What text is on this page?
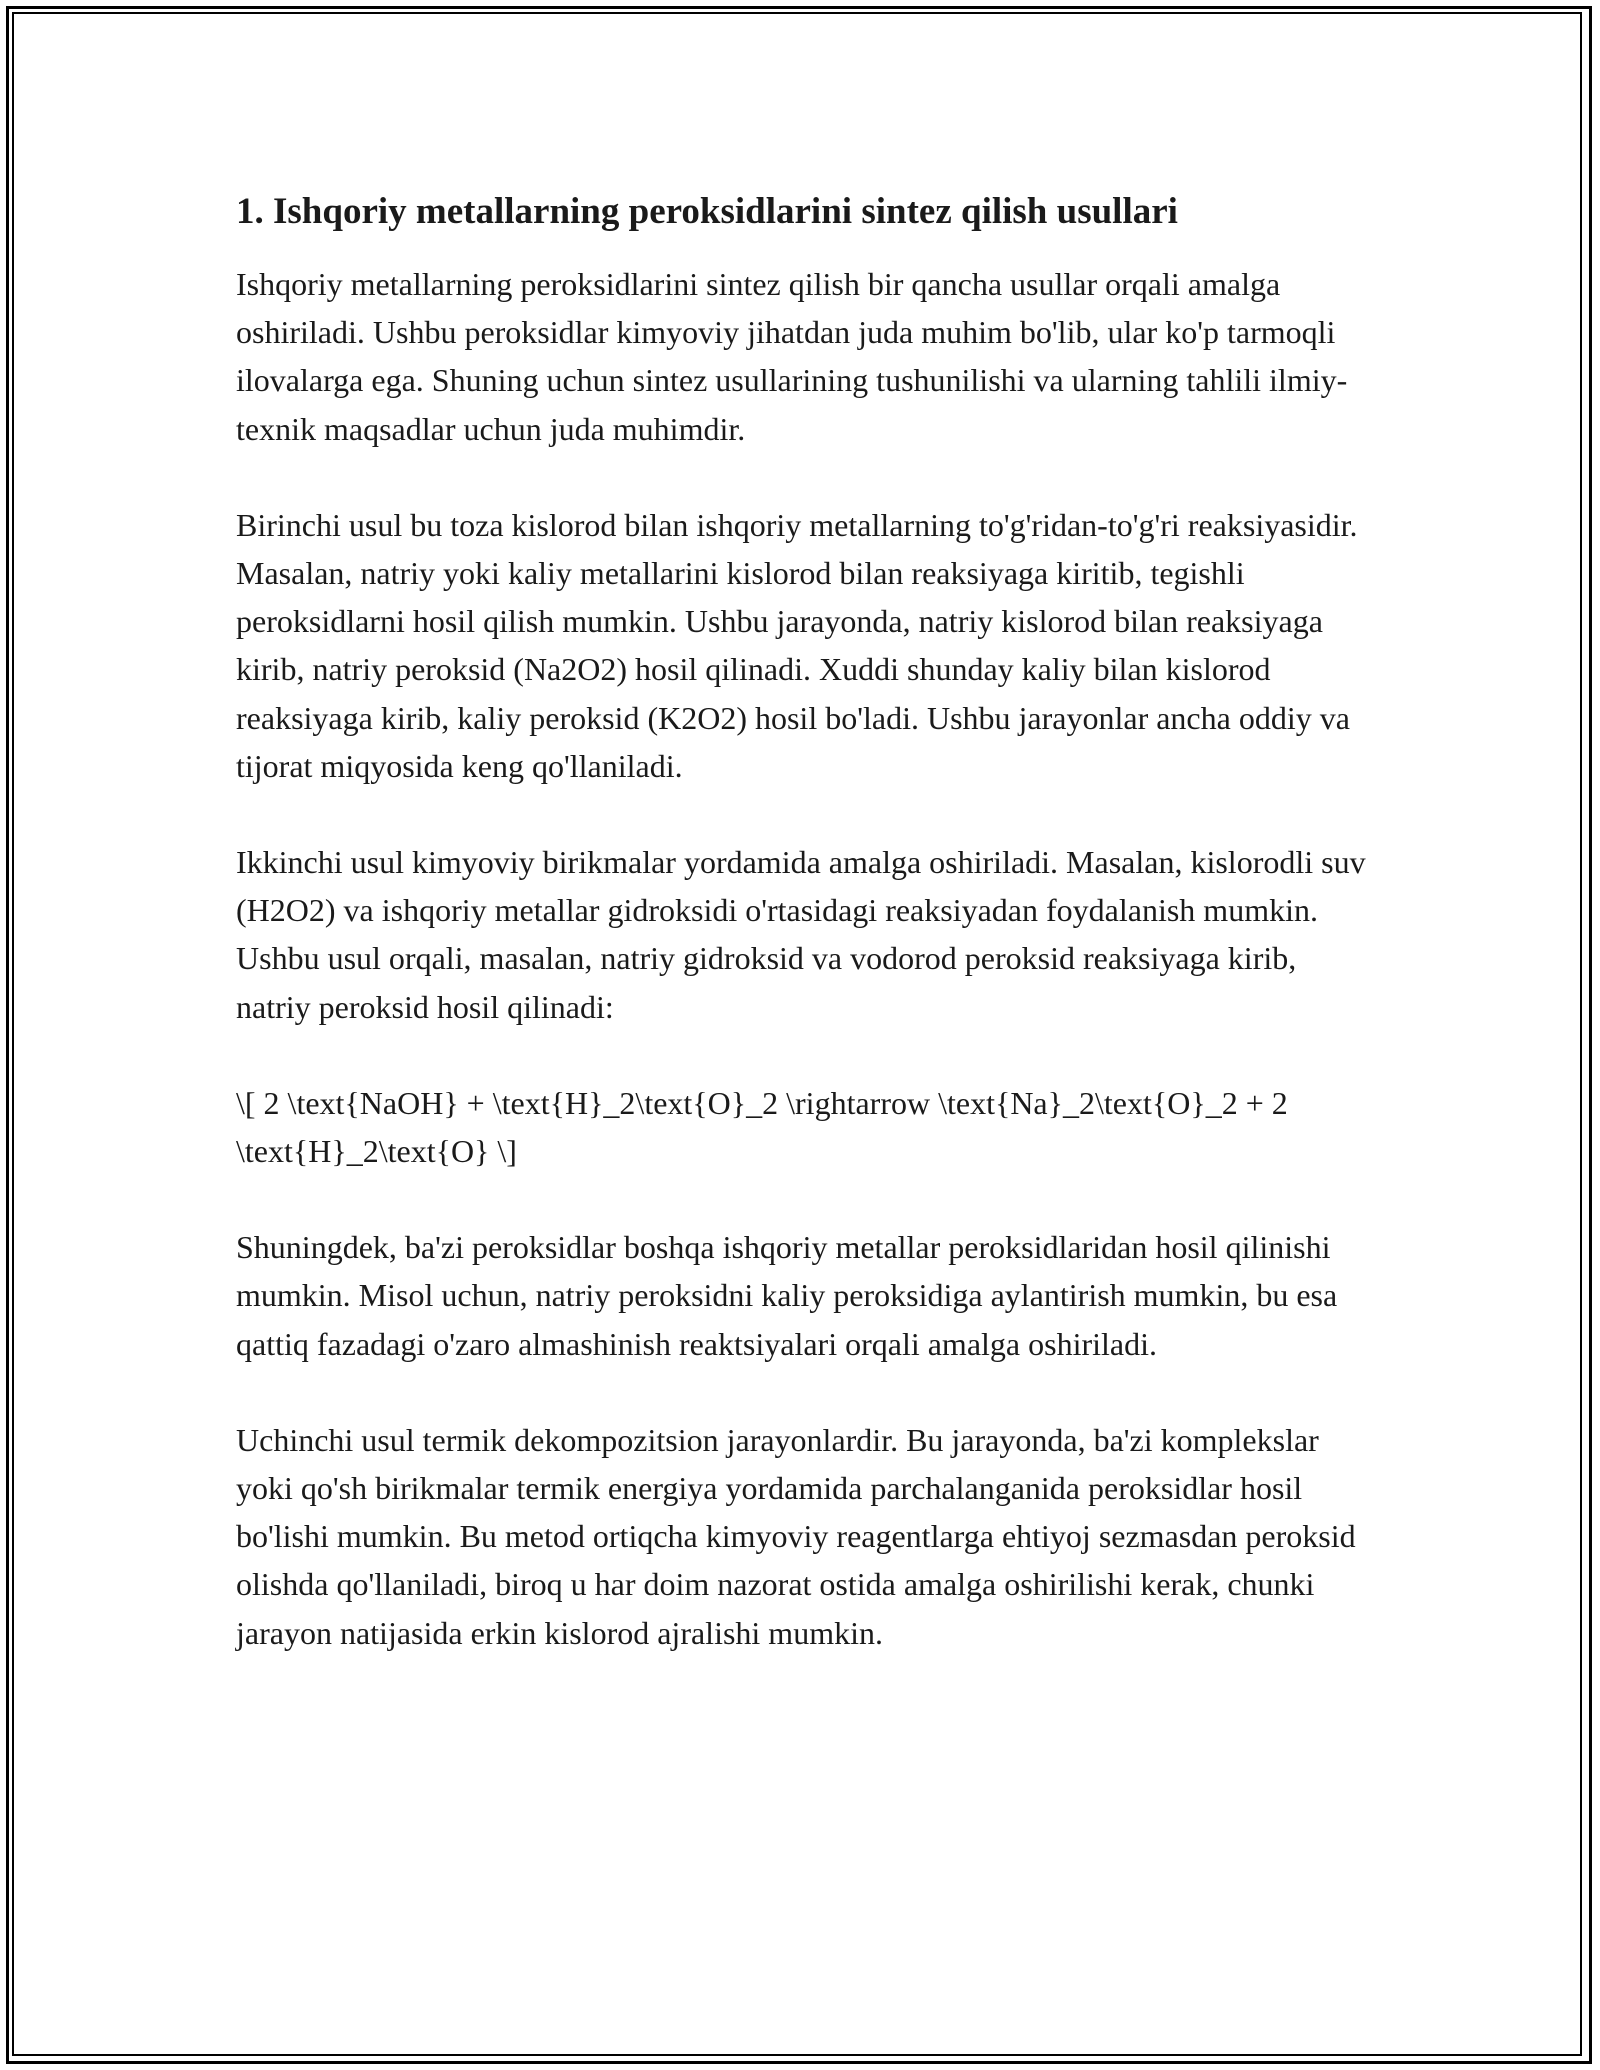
1. Ishqoriy metallarning peroksidlarini sintez qilish usullari

Ishqoriy metallarning peroksidlarini sintez qilish bir qancha usullar orqali amalga oshiriladi. Ushbu peroksidlar kimyoviy jihatdan juda muhim bo'lib, ular ko'p tarmoqli ilovalarga ega. Shuning uchun sintez usullarining tushunilishi va ularning tahlili ilmiy-texnik maqsadlar uchun juda muhimdir.

Birinchi usul bu toza kislorod bilan ishqoriy metallarning to'g'ridan-to'g'ri reaksiyasidir. Masalan, natriy yoki kaliy metallarini kislorod bilan reaksiyaga kiritib, tegishli peroksidlarni hosil qilish mumkin. Ushbu jarayonda, natriy kislorod bilan reaksiyaga kirib, natriy peroksid (Na2O2) hosil qilinadi. Xuddi shunday kaliy bilan kislorod reaksiyaga kirib, kaliy peroksid (K2O2) hosil bo'ladi. Ushbu jarayonlar ancha oddiy va tijorat miqyosida keng qo'llaniladi.

Ikkinchi usul kimyoviy birikmalar yordamida amalga oshiriladi. Masalan, kislorodli suv (H2O2) va ishqoriy metallar gidroksidi o'rtasidagi reaksiyadan foydalanish mumkin. Ushbu usul orqali, masalan, natriy gidroksid va vodorod peroksid reaksiyaga kirib, natriy peroksid hosil qilinadi:

\[ 2 \text{NaOH} + \text{H}_2\text{O}_2 \rightarrow \text{Na}_2\text{O}_2 + 2 \text{H}_2\text{O} \]

Shuningdek, ba'zi peroksidlar boshqa ishqoriy metallar peroksidlaridan hosil qilinishi mumkin. Misol uchun, natriy peroksidni kaliy peroksidiga aylantirish mumkin, bu esa qattiq fazadagi o'zaro almashinish reaktsiyalari orqali amalga oshiriladi.

Uchinchi usul termik dekompozitsion jarayonlardir. Bu jarayonda, ba'zi komplekslar yoki qo'sh birikmalar termik energiya yordamida parchalanganida peroksidlar hosil bo'lishi mumkin. Bu metod ortiqcha kimyoviy reagentlarga ehtiyoj sezmasdan peroksid olishda qo'llaniladi, biroq u har doim nazorat ostida amalga oshirilishi kerak, chunki jarayon natijasida erkin kislorod ajralishi mumkin.
